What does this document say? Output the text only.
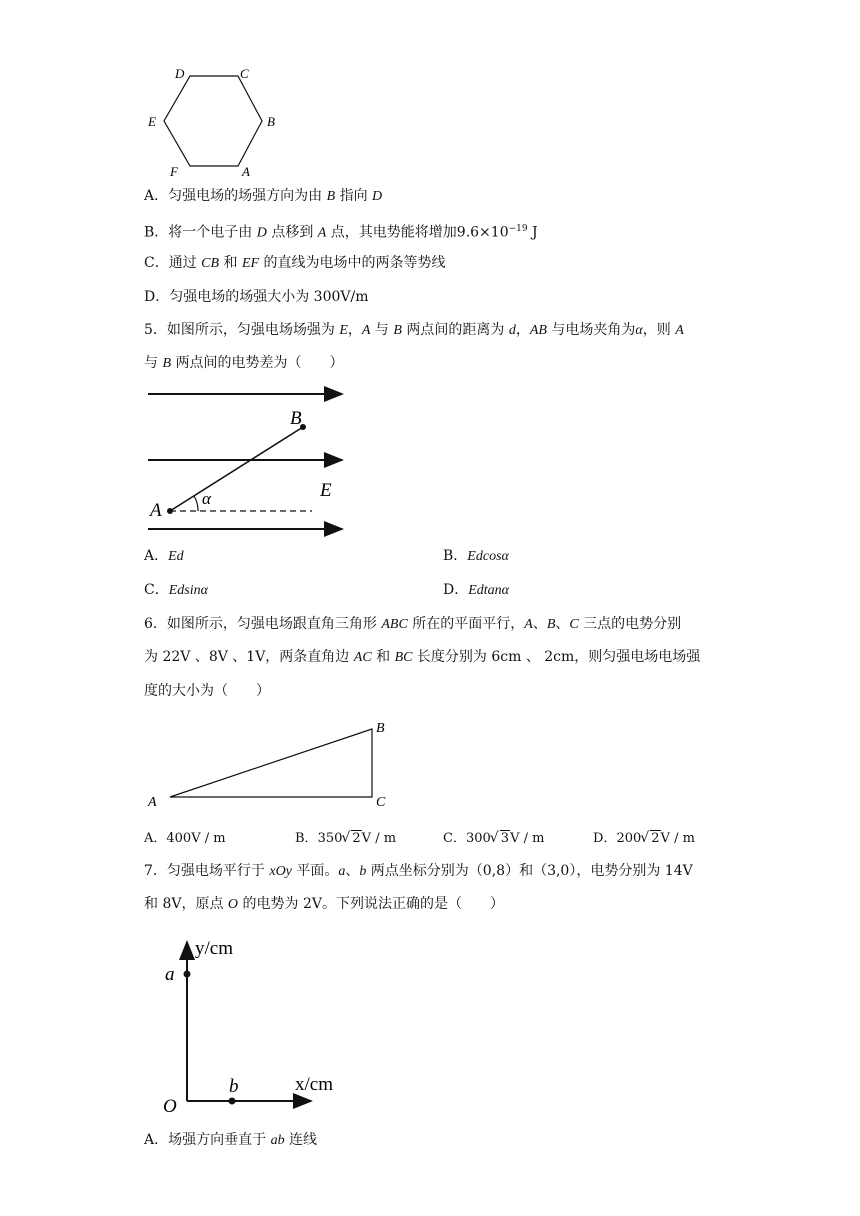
D	C
B
A
F
E
A．匀强电场的场强方向为由 B 指向 D
B．将一个电子由 D 点移到 A 点，其电势能将增加$9.6\times 10^{-19}$ J
C．通过 CB 和 EF 的直线为电场中的两条等势线
D．匀强电场的场强大小为 300V/m
5．如图所示，匀强电场场强为 E，A 与 B 两点间的距离为 d，AB 与电场夹角为α，则 A
与 B 两点间的电势差为（　　）
A
B
E
α
A．Ed	B．Edcosα
C．Edsinα	D．Edtanα
6．如图所示，匀强电场跟直角三角形 ABC 所在的平面平行，A、B、C 三点的电势分别
为 22V 、8V 、1V，两条直角边 AC 和 BC 长度分别为 6cm 、 2cm，则匀强电场电场强
度的大小为（　　）
A
B
C
A．400V / m	B．350 √ 2V / m	C．300 √ 3V / m	D．200 √ 2V / m
7．匀强电场平行于 xOy 平面。a、b 两点坐标分别为（0,8）和（3,0），电势分别为 14V
和 8V，原点 O 的电势为 2V。下列说法正确的是（　　）
y/cm
x/cm
a
b
O
A．场强方向垂直于 ab 连线
